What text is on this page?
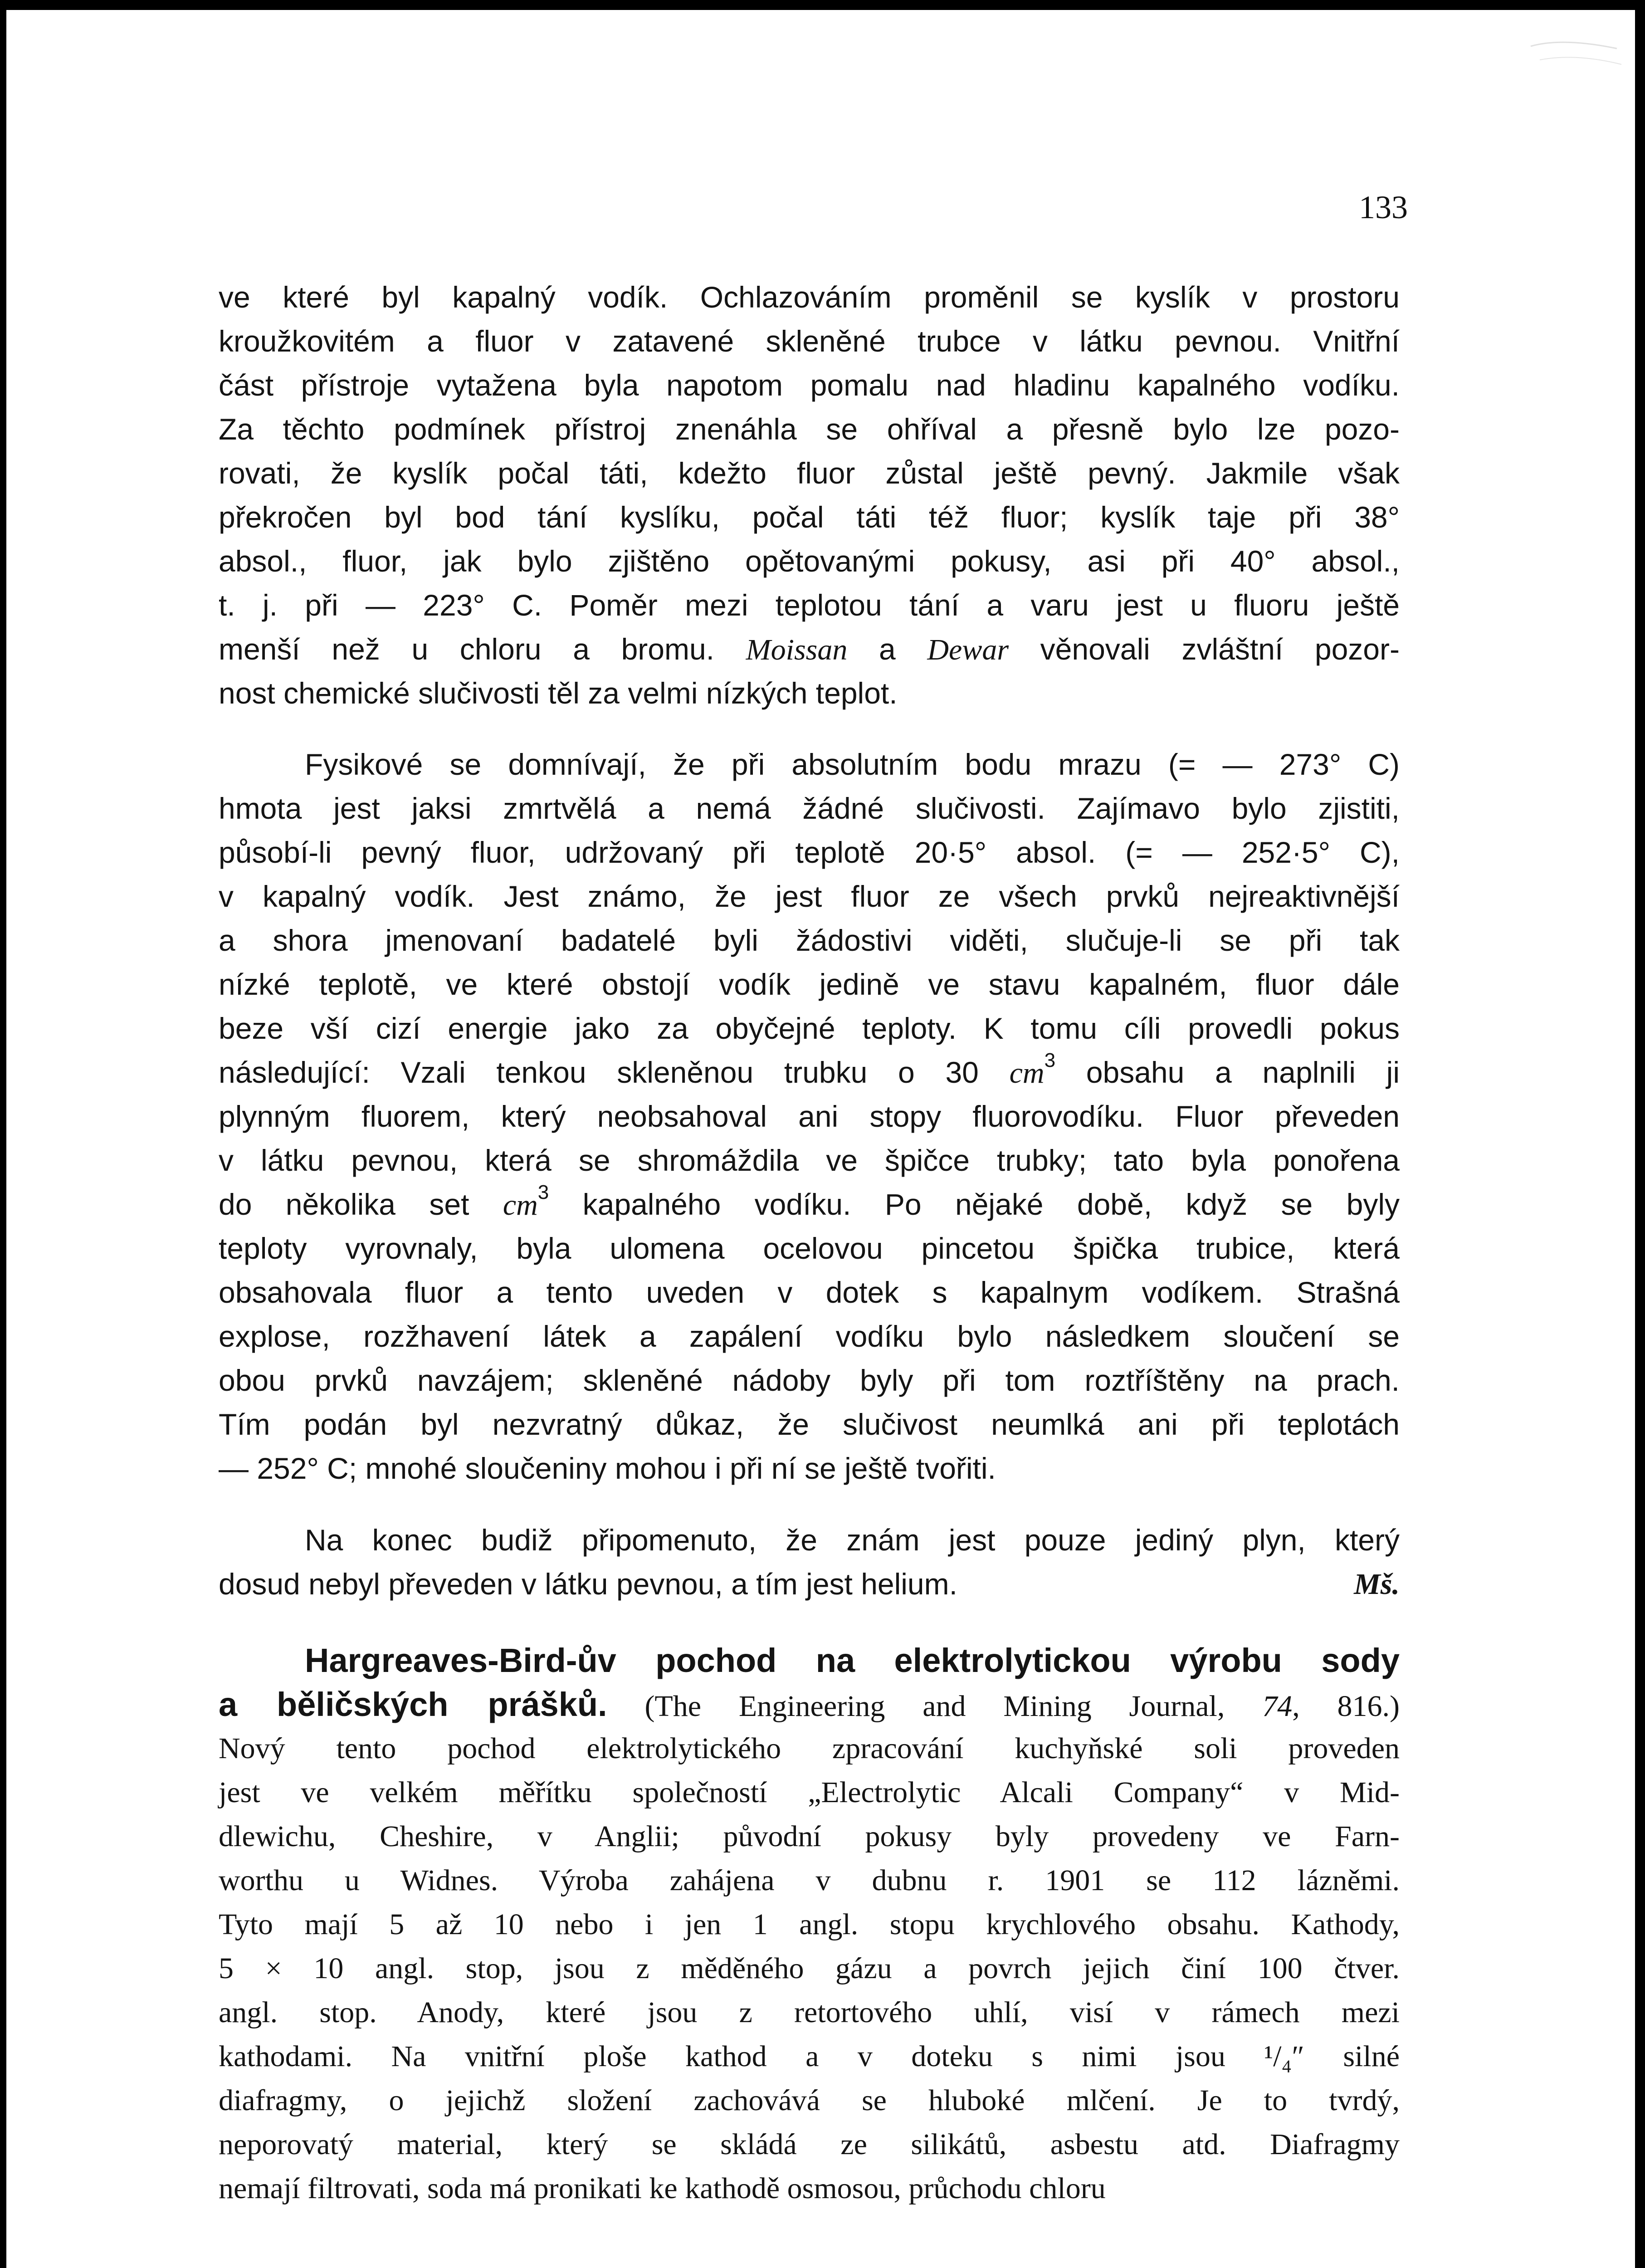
133
ve které byl kapalný vodík. Ochlazováním proměnil se kyslík v prostoru
kroužkovitém a fluor v zatavené skleněné trubce v látku pevnou. Vnitřní
část přístroje vytažena byla napotom pomalu nad hladinu kapalného vodíku.
Za těchto podmínek přístroj znenáhla se ohříval a přesně bylo lze pozo-
rovati, že kyslík počal táti, kdežto fluor zůstal ještě pevný. Jakmile však
překročen byl bod tání kyslíku, počal táti též fluor; kyslík taje při 38°
absol., fluor, jak bylo zjištěno opětovanými pokusy, asi při 40° absol.,
t. j. při — 223° C. Poměr mezi teplotou tání a varu jest u fluoru ještě
menší než u chloru a bromu. Moissan a Dewar věnovali zvláštní pozor-
nost chemické slučivosti těl za velmi nízkých teplot.
Fysikové se domnívají, že při absolutním bodu mrazu (= — 273° C)
hmota jest jaksi zmrtvělá a nemá žádné slučivosti. Zajímavo bylo zjistiti,
působí-li pevný fluor, udržovaný při teplotě 20·5° absol. (= — 252·5° C),
v kapalný vodík. Jest známo, že jest fluor ze všech prvků nejreaktivnější
a shora jmenovaní badatelé byli žádostivi viděti, slučuje-li se při tak
nízké teplotě, ve které obstojí vodík jedině ve stavu kapalném, fluor dále
beze vší cizí energie jako za obyčejné teploty. K tomu cíli provedli pokus
následující: Vzali tenkou skleněnou trubku o 30 $cm^3$ obsahu a naplnili ji
plynným fluorem, který neobsahoval ani stopy fluorovodíku. Fluor převeden
v látku pevnou, která se shromáždila ve špičce trubky; tato byla ponořena
do několika set $cm^3$ kapalného vodíku. Po nějaké době, když se byly
teploty vyrovnaly, byla ulomena ocelovou pincetou špička trubice, která
obsahovala fluor a tento uveden v dotek s kapalnym vodíkem. Strašná
explose, rozžhavení látek a zapálení vodíku bylo následkem sloučení se
obou prvků navzájem; skleněné nádoby byly při tom roztříštěny na prach.
Tím podán byl nezvratný důkaz, že slučivost neumlká ani při teplotách
— 252° C; mnohé sloučeniny mohou i při ní se ještě tvořiti.
Na konec budiž připomenuto, že znám jest pouze jediný plyn, který
dosud nebyl převeden v látku pevnou, a tím jest helium.	Mš.
Hargreaves-Bird-ův pochod na elektrolytickou výrobu sody
a běličských prášků. (The Engineering and Mining Journal, 74, 816.)
Nový tento pochod elektrolytického zpracování kuchyňské soli proveden
jest ve velkém měřítku společností „Electrolytic Alcali Company“ v Mid-
dlewichu, Cheshire, v Anglii; původní pokusy byly provedeny ve Farn-
worthu u Widnes. Výroba zahájena v dubnu r. 1901 se 112 lázněmi.
Tyto mají 5 až 10 nebo i jen 1 angl. stopu krychlového obsahu. Kathody,
5 × 10 angl. stop, jsou z měděného gázu a povrch jejich činí 100 čtver.
angl. stop. Anody, které jsou z retortového uhlí, visí v rámech mezi
kathodami. Na vnitřní ploše kathod a v doteku s nimi jsou ¹/₄″ silné
diafragmy, o jejichž složení zachovává se hluboké mlčení. Je to tvrdý,
neporovatý material, který se skládá ze silikátů, asbestu atd. Diafragmy
nemají filtrovati, soda má pronikati ke kathodě osmosou, průchodu chloru
